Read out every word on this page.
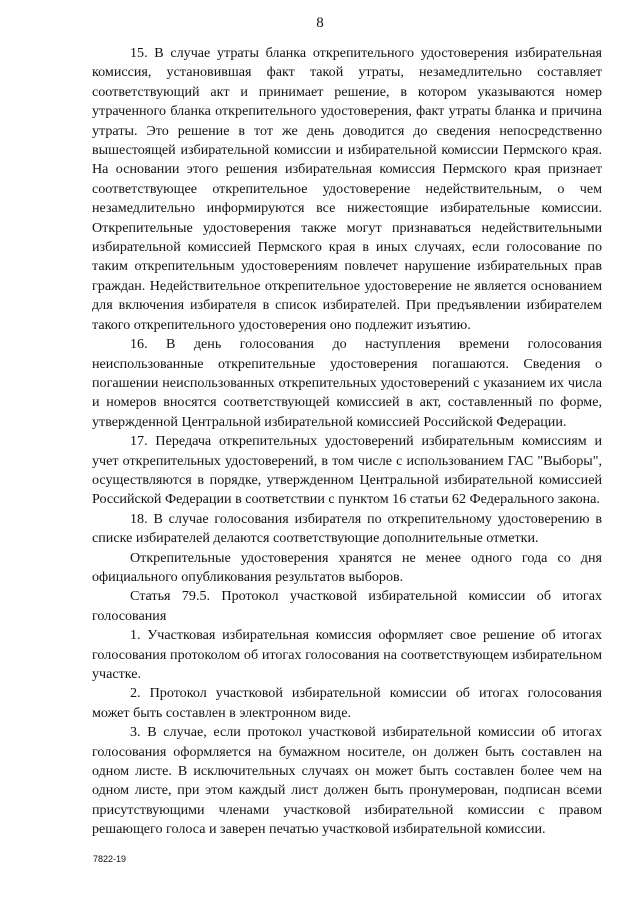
8

15. В случае утраты бланка открепительного удостоверения избирательная комиссия, установившая факт такой утраты, незамедлительно составляет соответствующий акт и принимает решение, в котором указываются номер утраченного бланка открепительного удостоверения, факт утраты бланка и причина утраты. Это решение в тот же день доводится до сведения непосредственно вышестоящей избирательной комиссии и избирательной комиссии Пермского края. На основании этого решения избирательная комиссия Пермского края признает соответствующее открепительное удостоверение недействительным, о чем незамедлительно информируются все нижестоящие избирательные комиссии. Открепительные удостоверения также могут признаваться недействительными избирательной комиссией Пермского края в иных случаях, если голосование по таким открепительным удостоверениям повлечет нарушение избирательных прав граждан. Недействительное открепительное удостоверение не является основанием для включения избирателя в список избирателей. При предъявлении избирателем такого открепительного удостоверения оно подлежит изъятию.

16. В день голосования до наступления времени голосования неиспользованные открепительные удостоверения погашаются. Сведения о погашении неиспользованных открепительных удостоверений с указанием их числа и номеров вносятся соответствующей комиссией в акт, составленный по форме, утвержденной Центральной избирательной комиссией Российской Федерации.

17. Передача открепительных удостоверений избирательным комиссиям и учет открепительных удостоверений, в том числе с использованием ГАС "Выборы", осуществляются в порядке, утвержденном Центральной избирательной комиссией Российской Федерации в соответствии с пунктом 16 статьи 62 Федерального закона.

18. В случае голосования избирателя по открепительному удостоверению в списке избирателей делаются соответствующие дополнительные отметки.

Открепительные удостоверения хранятся не менее одного года со дня официального опубликования результатов выборов.

Статья 79.5. Протокол участковой избирательной комиссии об итогах голосования

1. Участковая избирательная комиссия оформляет свое решение об итогах голосования протоколом об итогах голосования на соответствующем избирательном участке.

2. Протокол участковой избирательной комиссии об итогах голосования может быть составлен в электронном виде.

3. В случае, если протокол участковой избирательной комиссии об итогах голосования оформляется на бумажном носителе, он должен быть составлен на одном листе. В исключительных случаях он может быть составлен более чем на одном листе, при этом каждый лист должен быть пронумерован, подписан всеми присутствующими членами участковой избирательной комиссии с правом решающего голоса и заверен печатью участковой избирательной комиссии.

7822-19
